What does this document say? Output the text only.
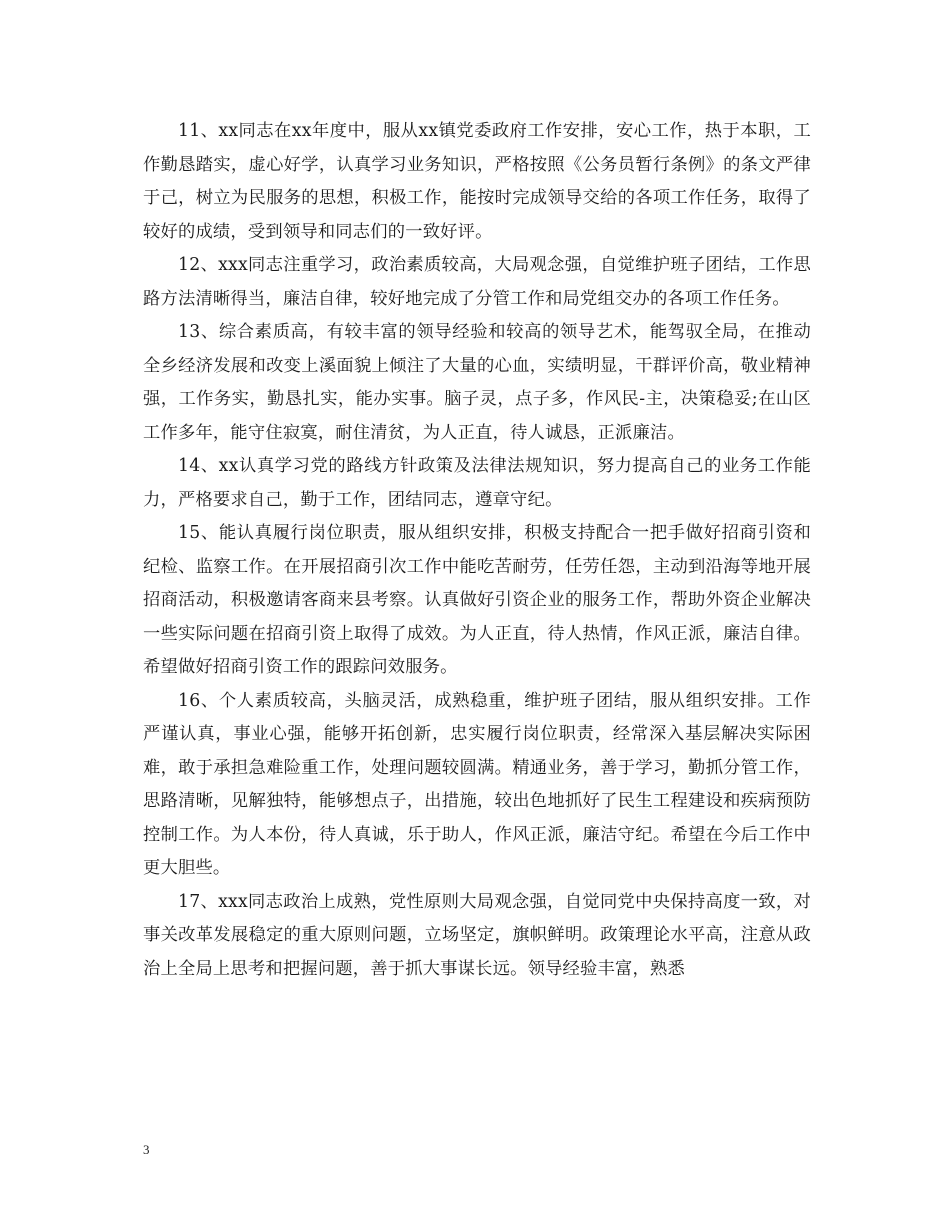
11、xx同志在xx年度中，服从xx镇党委政府工作安排，安心工作，热于本职，工作勤恳踏实，虚心好学，认真学习业务知识，严格按照《公务员暂行条例》的条文严律于己，树立为民服务的思想，积极工作，能按时完成领导交给的各项工作任务，取得了较好的成绩，受到领导和同志们的一致好评。

12、xxx同志注重学习，政治素质较高，大局观念强，自觉维护班子团结，工作思路方法清晰得当，廉洁自律，较好地完成了分管工作和局党组交办的各项工作任务。

13、综合素质高，有较丰富的领导经验和较高的领导艺术，能驾驭全局，在推动全乡经济发展和改变上溪面貌上倾注了大量的心血，实绩明显，干群评价高，敬业精神强，工作务实，勤恳扎实，能办实事。脑子灵，点子多，作风民-主，决策稳妥;在山区工作多年，能守住寂寞，耐住清贫，为人正直，待人诚恳，正派廉洁。

14、xx认真学习党的路线方针政策及法律法规知识，努力提高自己的业务工作能力，严格要求自己，勤于工作，团结同志，遵章守纪。

15、能认真履行岗位职责，服从组织安排，积极支持配合一把手做好招商引资和纪检、监察工作。在开展招商引次工作中能吃苦耐劳，任劳任怨，主动到沿海等地开展招商活动，积极邀请客商来县考察。认真做好引资企业的服务工作，帮助外资企业解决一些实际问题在招商引资上取得了成效。为人正直，待人热情，作风正派，廉洁自律。希望做好招商引资工作的跟踪问效服务。

16、个人素质较高，头脑灵活，成熟稳重，维护班子团结，服从组织安排。工作严谨认真，事业心强，能够开拓创新，忠实履行岗位职责，经常深入基层解决实际困难，敢于承担急难险重工作，处理问题较圆满。精通业务，善于学习，勤抓分管工作，思路清晰，见解独特，能够想点子，出措施，较出色地抓好了民生工程建设和疾病预防控制工作。为人本份，待人真诚，乐于助人，作风正派，廉洁守纪。希望在今后工作中更大胆些。

17、xxx同志政治上成熟，党性原则大局观念强，自觉同党中央保持高度一致，对事关改革发展稳定的重大原则问题，立场坚定，旗帜鲜明。政策理论水平高，注意从政治上全局上思考和把握问题，善于抓大事谋长远。领导经验丰富，熟悉

3
